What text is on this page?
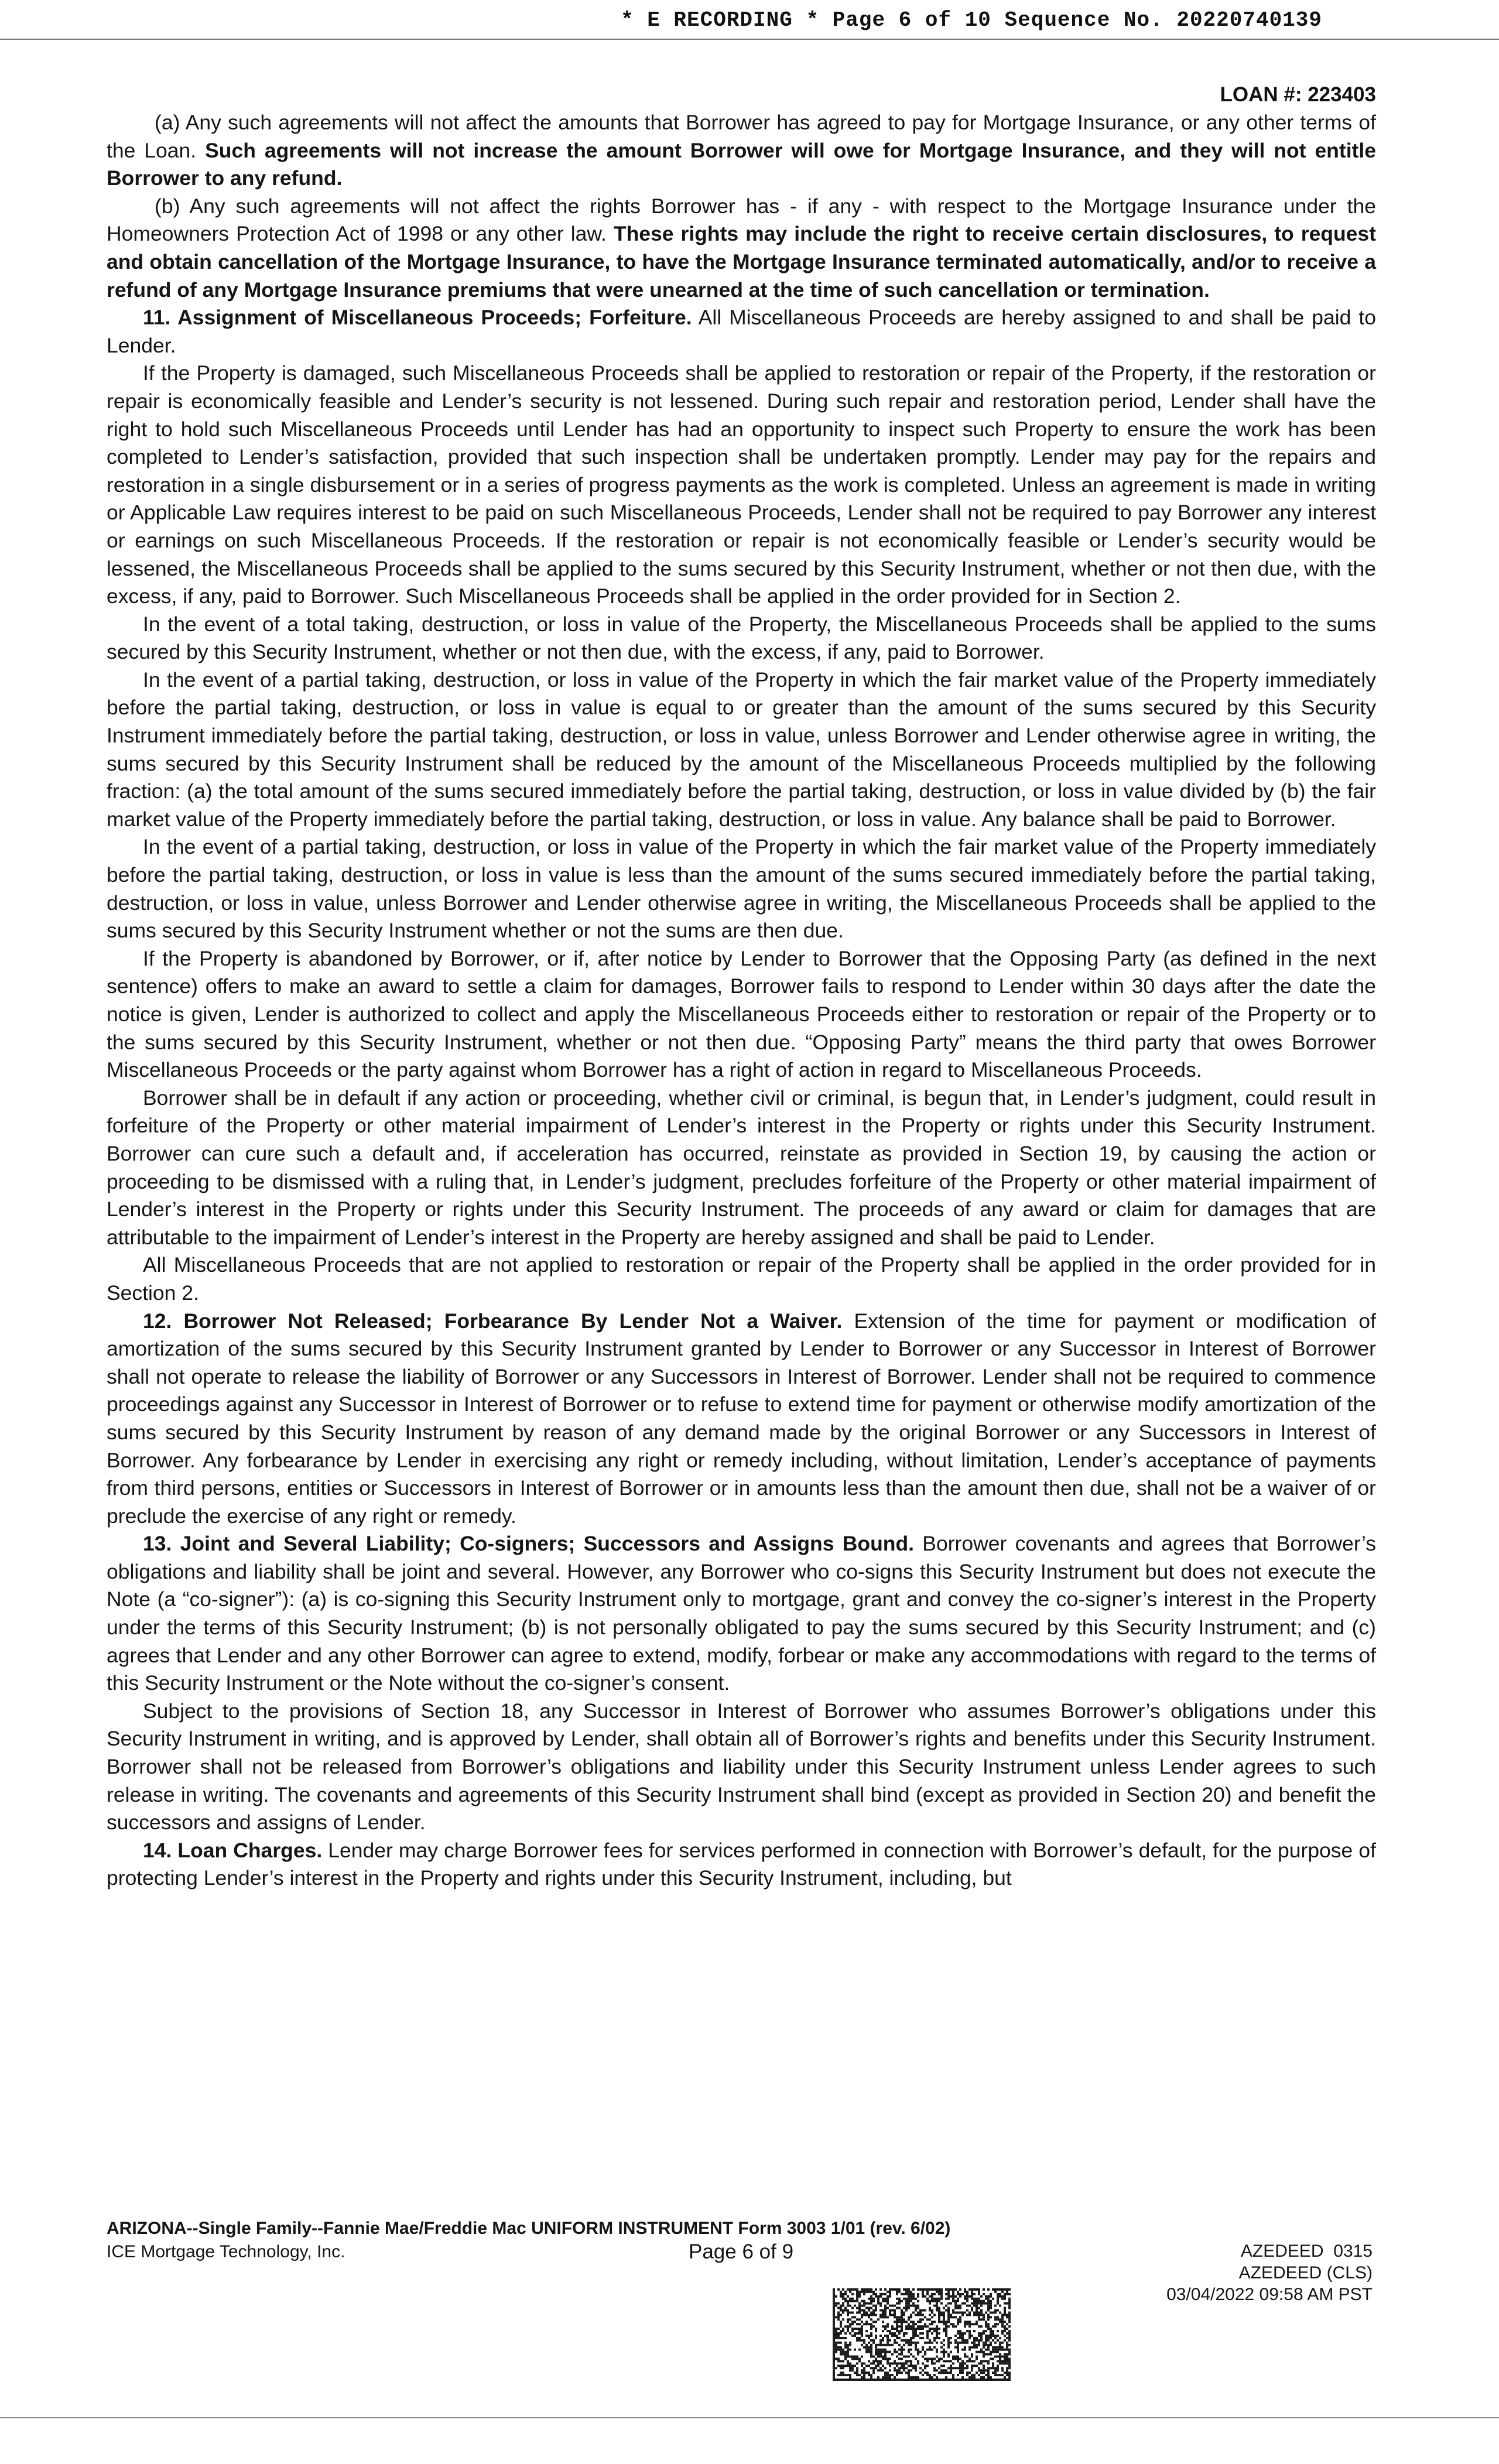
* E RECORDING * Page 6 of 10 Sequence No. 20220740139
LOAN #: 223403

(a) Any such agreements will not affect the amounts that Borrower has agreed to pay for Mortgage Insurance, or any other terms of the Loan. Such agreements will not increase the amount Borrower will owe for Mortgage Insurance, and they will not entitle Borrower to any refund.

(b) Any such agreements will not affect the rights Borrower has - if any - with respect to the Mortgage Insurance under the Homeowners Protection Act of 1998 or any other law. These rights may include the right to receive certain disclosures, to request and obtain cancellation of the Mortgage Insurance, to have the Mortgage Insurance terminated automatically, and/or to receive a refund of any Mortgage Insurance premiums that were unearned at the time of such cancellation or termination.

11. Assignment of Miscellaneous Proceeds; Forfeiture. All Miscellaneous Proceeds are hereby assigned to and shall be paid to Lender.

If the Property is damaged, such Miscellaneous Proceeds shall be applied to restoration or repair of the Property, if the restoration or repair is economically feasible and Lender’s security is not lessened. During such repair and restoration period, Lender shall have the right to hold such Miscellaneous Proceeds until Lender has had an opportunity to inspect such Property to ensure the work has been completed to Lender’s satisfaction, provided that such inspection shall be undertaken promptly. Lender may pay for the repairs and restoration in a single disbursement or in a series of progress payments as the work is completed. Unless an agreement is made in writing or Applicable Law requires interest to be paid on such Miscellaneous Proceeds, Lender shall not be required to pay Borrower any interest or earnings on such Miscellaneous Proceeds. If the restoration or repair is not economically feasible or Lender’s security would be lessened, the Miscellaneous Proceeds shall be applied to the sums secured by this Security Instrument, whether or not then due, with the excess, if any, paid to Borrower. Such Miscellaneous Proceeds shall be applied in the order provided for in Section 2.

In the event of a total taking, destruction, or loss in value of the Property, the Miscellaneous Proceeds shall be applied to the sums secured by this Security Instrument, whether or not then due, with the excess, if any, paid to Borrower.

In the event of a partial taking, destruction, or loss in value of the Property in which the fair market value of the Property immediately before the partial taking, destruction, or loss in value is equal to or greater than the amount of the sums secured by this Security Instrument immediately before the partial taking, destruction, or loss in value, unless Borrower and Lender otherwise agree in writing, the sums secured by this Security Instrument shall be reduced by the amount of the Miscellaneous Proceeds multiplied by the following fraction: (a) the total amount of the sums secured immediately before the partial taking, destruction, or loss in value divided by (b) the fair market value of the Property immediately before the partial taking, destruction, or loss in value. Any balance shall be paid to Borrower.

In the event of a partial taking, destruction, or loss in value of the Property in which the fair market value of the Property immediately before the partial taking, destruction, or loss in value is less than the amount of the sums secured immediately before the partial taking, destruction, or loss in value, unless Borrower and Lender otherwise agree in writing, the Miscellaneous Proceeds shall be applied to the sums secured by this Security Instrument whether or not the sums are then due.

If the Property is abandoned by Borrower, or if, after notice by Lender to Borrower that the Opposing Party (as defined in the next sentence) offers to make an award to settle a claim for damages, Borrower fails to respond to Lender within 30 days after the date the notice is given, Lender is authorized to collect and apply the Miscellaneous Proceeds either to restoration or repair of the Property or to the sums secured by this Security Instrument, whether or not then due. “Opposing Party” means the third party that owes Borrower Miscellaneous Proceeds or the party against whom Borrower has a right of action in regard to Miscellaneous Proceeds.

Borrower shall be in default if any action or proceeding, whether civil or criminal, is begun that, in Lender’s judgment, could result in forfeiture of the Property or other material impairment of Lender’s interest in the Property or rights under this Security Instrument. Borrower can cure such a default and, if acceleration has occurred, reinstate as provided in Section 19, by causing the action or proceeding to be dismissed with a ruling that, in Lender’s judgment, precludes forfeiture of the Property or other material impairment of Lender’s interest in the Property or rights under this Security Instrument. The proceeds of any award or claim for damages that are attributable to the impairment of Lender’s interest in the Property are hereby assigned and shall be paid to Lender.

All Miscellaneous Proceeds that are not applied to restoration or repair of the Property shall be applied in the order provided for in Section 2.

12. Borrower Not Released; Forbearance By Lender Not a Waiver. Extension of the time for payment or modification of amortization of the sums secured by this Security Instrument granted by Lender to Borrower or any Successor in Interest of Borrower shall not operate to release the liability of Borrower or any Successors in Interest of Borrower. Lender shall not be required to commence proceedings against any Successor in Interest of Borrower or to refuse to extend time for payment or otherwise modify amortization of the sums secured by this Security Instrument by reason of any demand made by the original Borrower or any Successors in Interest of Borrower. Any forbearance by Lender in exercising any right or remedy including, without limitation, Lender’s acceptance of payments from third persons, entities or Successors in Interest of Borrower or in amounts less than the amount then due, shall not be a waiver of or preclude the exercise of any right or remedy.

13. Joint and Several Liability; Co-signers; Successors and Assigns Bound. Borrower covenants and agrees that Borrower’s obligations and liability shall be joint and several. However, any Borrower who co-signs this Security Instrument but does not execute the Note (a “co-signer”): (a) is co-signing this Security Instrument only to mortgage, grant and convey the co-signer’s interest in the Property under the terms of this Security Instrument; (b) is not personally obligated to pay the sums secured by this Security Instrument; and (c) agrees that Lender and any other Borrower can agree to extend, modify, forbear or make any accommodations with regard to the terms of this Security Instrument or the Note without the co-signer’s consent.

Subject to the provisions of Section 18, any Successor in Interest of Borrower who assumes Borrower’s obligations under this Security Instrument in writing, and is approved by Lender, shall obtain all of Borrower’s rights and benefits under this Security Instrument. Borrower shall not be released from Borrower’s obligations and liability under this Security Instrument unless Lender agrees to such release in writing. The covenants and agreements of this Security Instrument shall bind (except as provided in Section 20) and benefit the successors and assigns of Lender.

14. Loan Charges. Lender may charge Borrower fees for services performed in connection with Borrower’s default, for the purpose of protecting Lender’s interest in the Property and rights under this Security Instrument, including, but

ARIZONA--Single Family--Fannie Mae/Freddie Mac UNIFORM INSTRUMENT Form 3003 1/01 (rev. 6/02)
ICE Mortgage Technology, Inc.	Page 6 of 9	AZEDEED  0315
AZEDEED (CLS)
03/04/2022 09:58 AM PST
